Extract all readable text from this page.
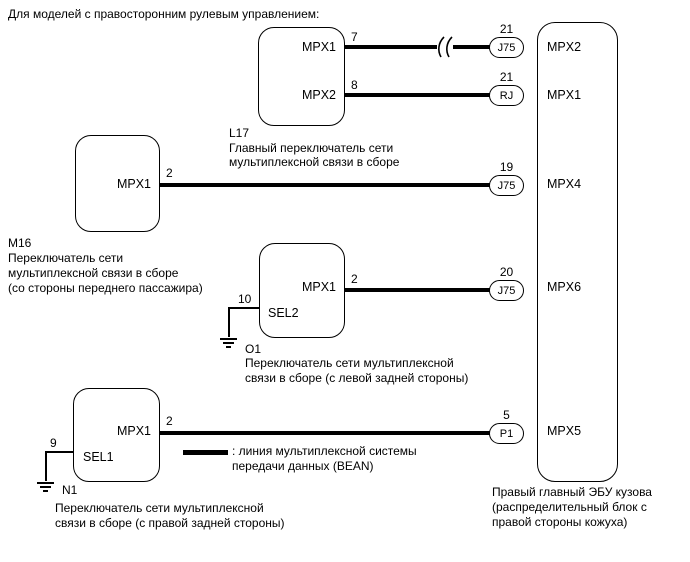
Для моделей с правосторонним рулевым управлением:
MPX1
MPX2
MPX1
MPX1
SEL2
MPX1
SEL1
MPX2
MPX1
MPX4
MPX6
MPX5
J75
RJ
J75
J75
P1
21
21
19
20
5
7
8
2
2
10
2
9
L17
Главный переключатель сети
мультиплексной связи в сборе
M16
Переключатель сети
мультиплексной связи в сборе
(со стороны переднего пассажира)
O1
Переключатель сети мультиплексной
связи в сборе (с левой задней стороны)
N1
Переключатель сети мультиплексной
связи в сборе (с правой задней стороны)
Правый главный ЭБУ кузова
(распределительный блок с
правой стороны кожуха)
: линия мультиплексной системы
передачи данных (BEAN)
